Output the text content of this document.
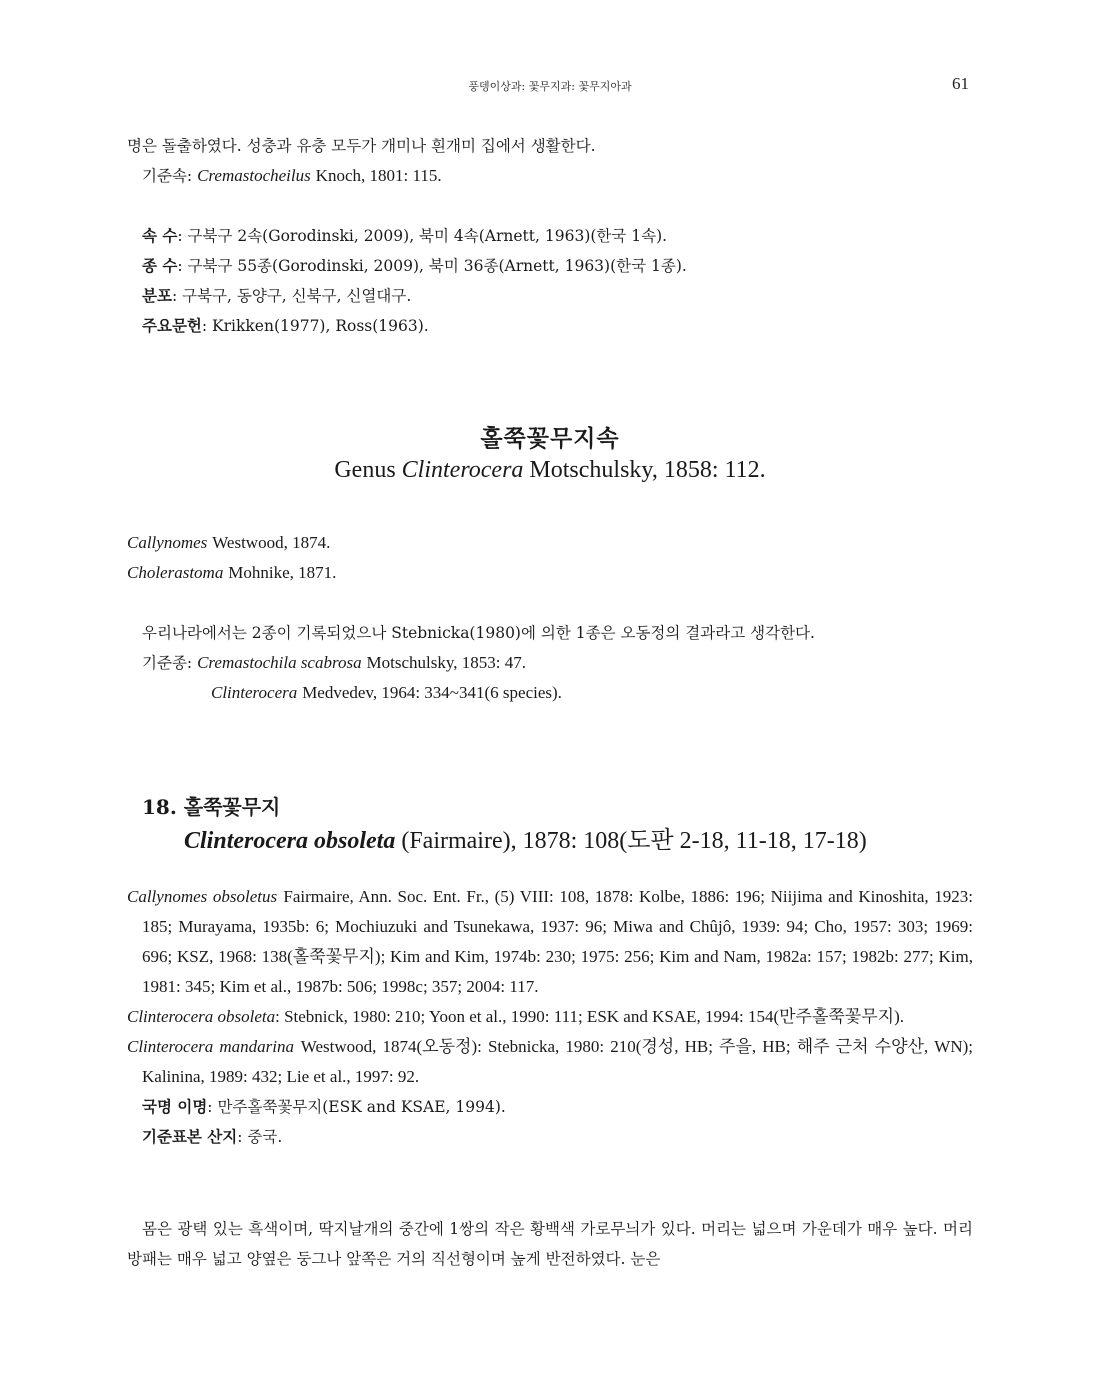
풍뎅이상과: 꽃무지과: 꽃무지아과	61
명은 돌출하였다. 성충과 유충 모두가 개미나 흰개미 집에서 생활한다.
기준속: Cremastocheilus Knoch, 1801: 115.
속 수: 구북구 2속(Gorodinski, 2009), 북미 4속(Arnett, 1963)(한국 1속).
종 수: 구북구 55종(Gorodinski, 2009), 북미 36종(Arnett, 1963)(한국 1종).
분포: 구북구, 동양구, 신북구, 신열대구.
주요문헌: Krikken(1977), Ross(1963).
홀쭉꽃무지속
Genus Clinterocera Motschulsky, 1858: 112.
Callynomes Westwood, 1874.
Cholerastoma Mohnike, 1871.
우리나라에서는 2종이 기록되었으나 Stebnicka(1980)에 의한 1종은 오동정의 결과라고 생각한다.
기준종: Cremastochila scabrosa Motschulsky, 1853: 47.
Clinterocera Medvedev, 1964: 334~341(6 species).
18. 홀쭉꽃무지
Clinterocera obsoleta (Fairmaire), 1878: 108(도판 2-18, 11-18, 17-18)

Callynomes obsoletus Fairmaire, Ann. Soc. Ent. Fr., (5) VIII: 108, 1878: Kolbe, 1886: 196; Niijima and Kinoshita, 1923: 185; Murayama, 1935b: 6; Mochiuzuki and Tsunekawa, 1937: 96; Miwa and Chûjô, 1939: 94; Cho, 1957: 303; 1969: 696; KSZ, 1968: 138(홀쭉꽃무지); Kim and Kim, 1974b: 230; 1975: 256; Kim and Nam, 1982a: 157; 1982b: 277; Kim, 1981: 345; Kim et al., 1987b: 506; 1998c; 357; 2004: 117.

Clinterocera obsoleta: Stebnick, 1980: 210; Yoon et al., 1990: 111; ESK and KSAE, 1994: 154(만주홀쭉꽃무지).

Clinterocera mandarina Westwood, 1874(오동정): Stebnicka, 1980: 210(경성, HB; 주을, HB; 해주 근처 수양산, WN); Kalinina, 1989: 432; Lie et al., 1997: 92.

국명 이명: 만주홀쭉꽃무지(ESK and KSAE, 1994).

기준표본 산지: 중국.

몸은 광택 있는 흑색이며, 딱지날개의 중간에 1쌍의 작은 황백색 가로무늬가 있다. 머리는 넓으며 가운데가 매우 높다. 머리방패는 매우 넓고 양옆은 둥그나 앞쪽은 거의 직선형이며 높게 반전하였다. 눈은
